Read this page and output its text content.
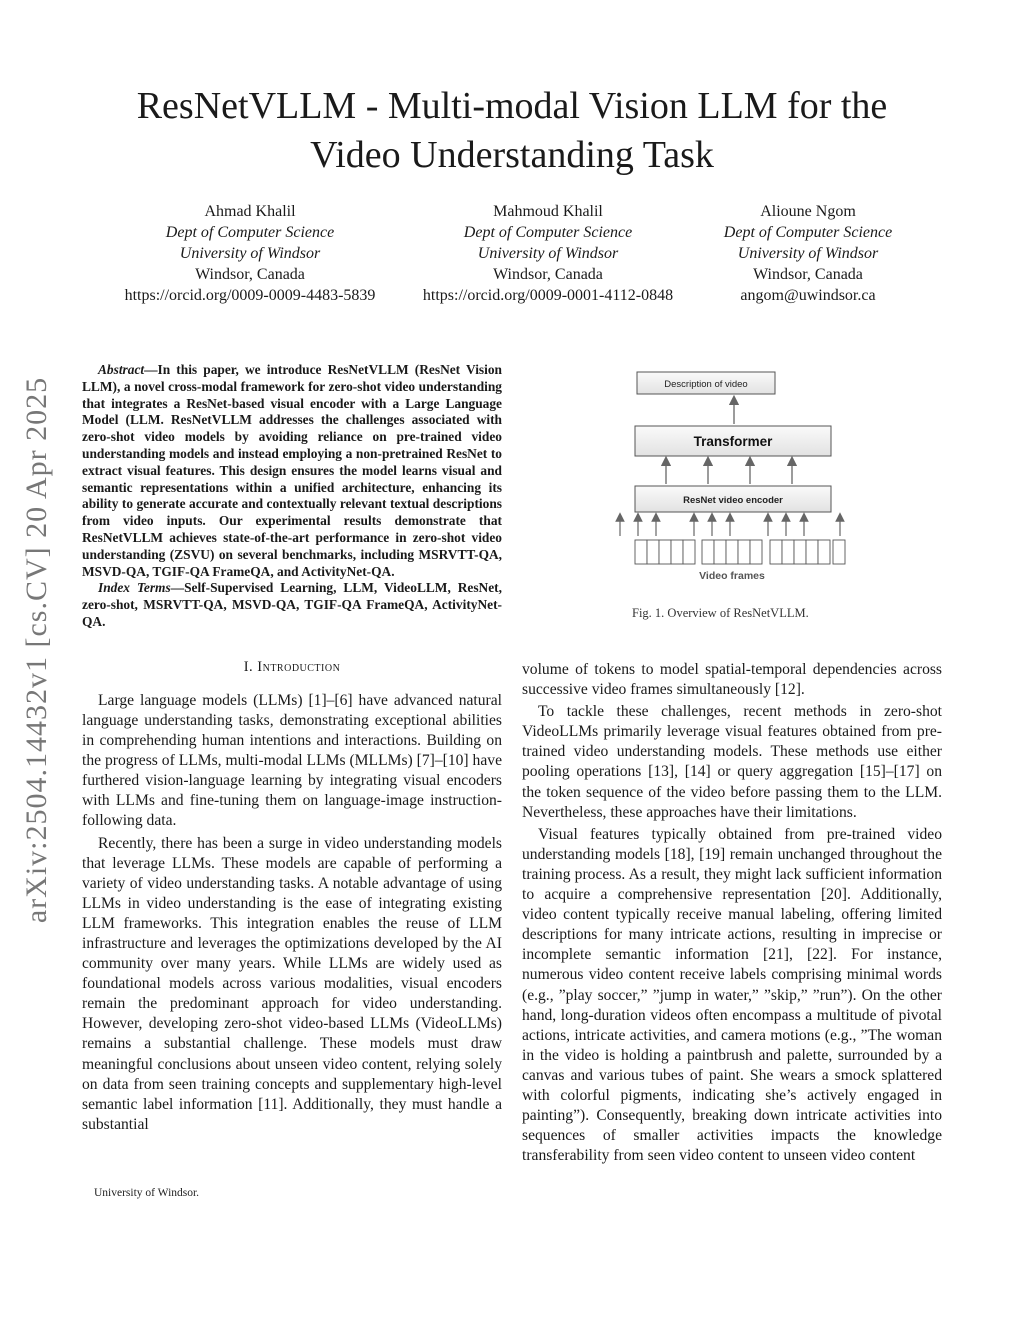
arXiv:2504.14432v1 [cs.CV] 20 Apr 2025
ResNetVLLM - Multi-modal Vision LLM for the
Video Understanding Task
Ahmad Khalil
Dept of Computer Science
University of Windsor
Windsor, Canada
https://orcid.org/0009-0009-4483-5839
Mahmoud Khalil
Dept of Computer Science
University of Windsor
Windsor, Canada
https://orcid.org/0009-0001-4112-0848
Alioune Ngom
Dept of Computer Science
University of Windsor
Windsor, Canada
angom@uwindsor.ca

Abstract—In this paper, we introduce ResNetVLLM (ResNet Vision LLM), a novel cross-modal framework for zero-shot video understanding that integrates a ResNet-based visual encoder with a Large Language Model (LLM. ResNetVLLM addresses the challenges associated with zero-shot video models by avoiding reliance on pre-trained video understanding models and instead employing a non-pretrained ResNet to extract visual features. This design ensures the model learns visual and semantic representations within a unified architecture, enhancing its ability to generate accurate and contextually relevant textual descriptions from video inputs. Our experimental results demonstrate that ResNetVLLM achieves state-of-the-art performance in zero-shot video understanding (ZSVU) on several benchmarks, including MSRVTT-QA, MSVD-QA, TGIF-QA FrameQA, and ActivityNet-QA.

Index Terms—Self-Supervised Learning, LLM, VideoLLM, ResNet, zero-shot, MSRVTT-QA, MSVD-QA, TGIF-QA FrameQA, ActivityNet-QA.

I. Introduction

Large language models (LLMs) [1]–[6] have advanced natural language understanding tasks, demonstrating exceptional abilities in comprehending human intentions and interactions. Building on the progress of LLMs, multi-modal LLMs (MLLMs) [7]–[10] have furthered vision-language learning by integrating visual encoders with LLMs and fine-tuning them on language-image instruction-following data.

Recently, there has been a surge in video understanding models that leverage LLMs. These models are capable of performing a variety of video understanding tasks. A notable advantage of using LLMs in video understanding is the ease of integrating existing LLM frameworks. This integration enables the reuse of LLM infrastructure and leverages the optimizations developed by the AI community over many years. While LLMs are widely used as foundational models across various modalities, visual encoders remain the predominant approach for video understanding. However, developing zero-shot video-based LLMs (VideoLLMs) remains a substantial challenge. These models must draw meaningful conclusions about unseen video content, relying solely on data from seen training concepts and supplementary high-level semantic label information [11]. Additionally, they must handle a substantial

University of Windsor.
Description of video
Transformer
ResNet video encoder
Video frames
Fig. 1. Overview of ResNetVLLM.

volume of tokens to model spatial-temporal dependencies across successive video frames simultaneously [12].

To tackle these challenges, recent methods in zero-shot VideoLLMs primarily leverage visual features obtained from pre-trained video understanding models. These methods use either pooling operations [13], [14] or query aggregation [15]–[17] on the token sequence of the video before passing them to the LLM. Nevertheless, these approaches have their limitations.

Visual features typically obtained from pre-trained video understanding models [18], [19] remain unchanged throughout the training process. As a result, they might lack sufficient information to acquire a comprehensive representation [20]. Additionally, video content typically receive manual labeling, offering limited descriptions for many intricate actions, resulting in imprecise or incomplete semantic information [21], [22]. For instance, numerous video content receive labels comprising minimal words (e.g., ”play soccer,” ”jump in water,” ”skip,” ”run”). On the other hand, long-duration videos often encompass a multitude of pivotal actions, intricate activities, and camera motions (e.g., ”The woman in the video is holding a paintbrush and palette, surrounded by a canvas and various tubes of paint. She wears a smock splattered with colorful pigments, indicating she’s actively engaged in painting”). Consequently, breaking down intricate activities into sequences of smaller activities impacts the knowledge transferability from seen video content to unseen video content
